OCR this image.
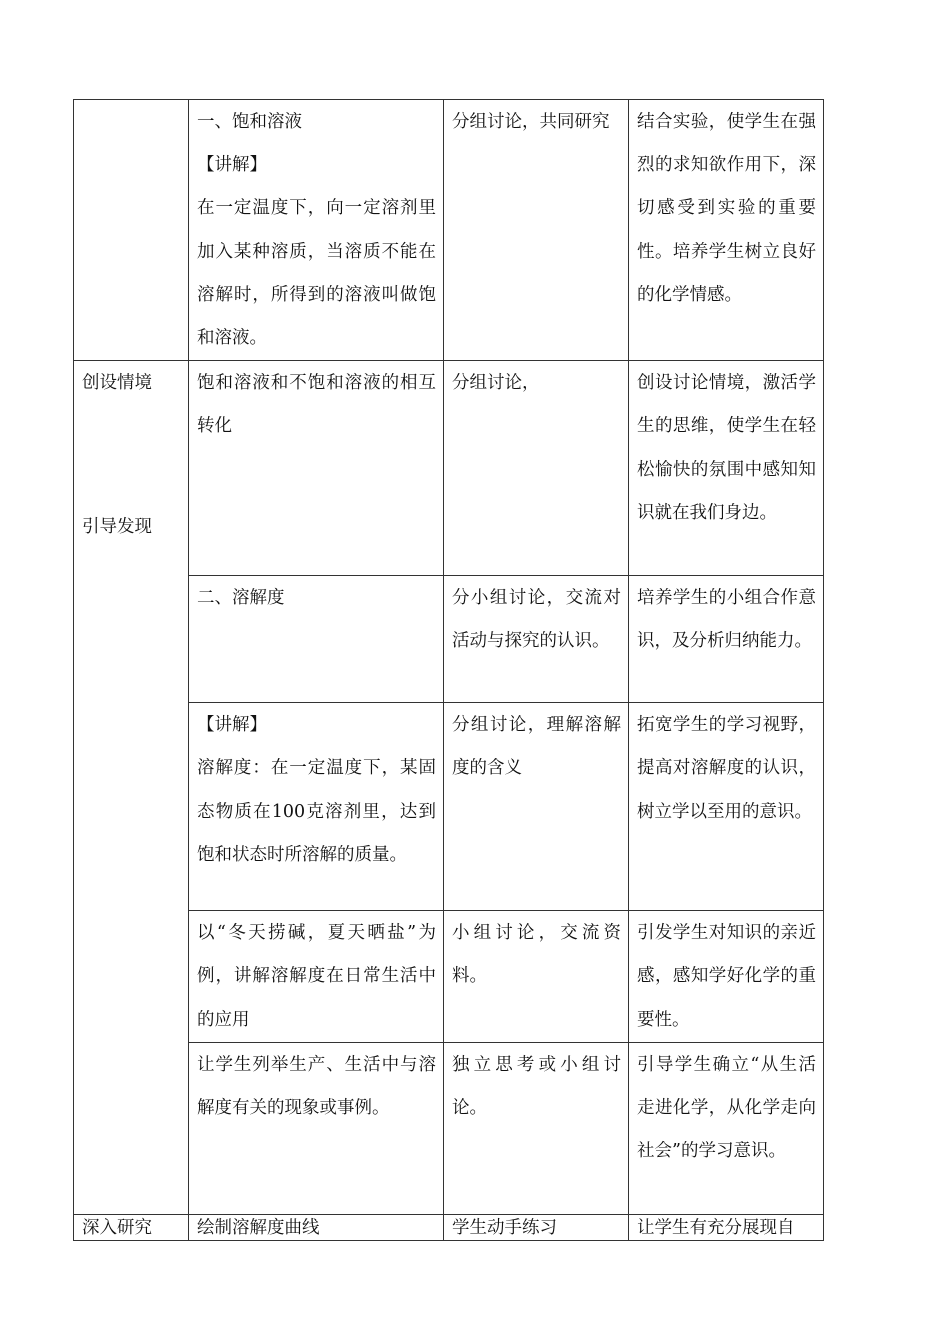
	一、饱和溶液
【讲解】
在一定温度下，向一定溶剂里加入某种溶质，当溶质不能在溶解时，所得到的溶液叫做饱和溶液。	分组讨论，共同研究	结合实验，使学生在强烈的求知欲作用下，深切感受到实验的重要性。培养学生树立良好的化学情感。

创设情境
引导发现	饱和溶液和不饱和溶液的相互转化	分组讨论，	创设讨论情境，激活学生的思维，使学生在轻松愉快的氛围中感知知识就在我们身边。

	二、溶解度	分小组讨论，交流对活动与探究的认识。	培养学生的小组合作意识，及分析归纳能力。

	【讲解】
溶解度：在一定温度下，某固态物质在100克溶剂里，达到饱和状态时所溶解的质量。	分组讨论，理解溶解度的含义	拓宽学生的学习视野，提高对溶解度的认识，树立学以至用的意识。
	以“冬天捞碱，夏天晒盐”为例，讲解溶解度在日常生活中的应用	小组讨论，交流资料。	引发学生对知识的亲近感，感知学好化学的重要性。
	让学生列举生产、生活中与溶解度有关的现象或事例。	独立思考或小组讨论。	引导学生确立“从生活走进化学，从化学走向社会”的学习意识。

深入研究	绘制溶解度曲线	学生动手练习	让学生有充分展现自
